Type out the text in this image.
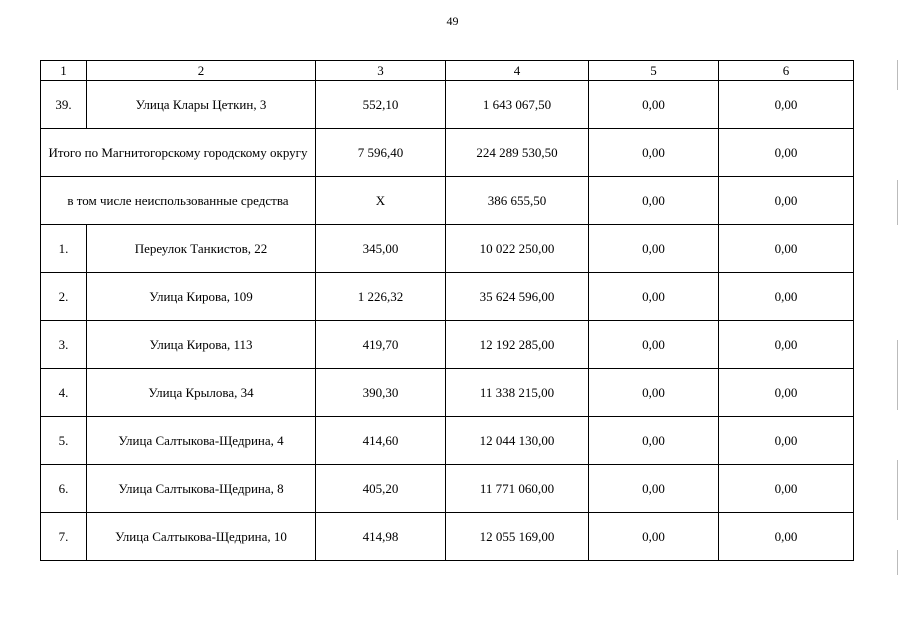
49
1	2	3	4	5	6
39.	Улица Клары Цеткин, 3	552,10	1 643 067,50	0,00	0,00
Итого по Магнитогорскому городскому округу		7 596,40	224 289 530,50	0,00	0,00
в том числе неиспользованные средства		Х	386 655,50	0,00	0,00
1.	Переулок Танкистов, 22	345,00	10 022 250,00	0,00	0,00
2.	Улица Кирова, 109	1 226,32	35 624 596,00	0,00	0,00
3.	Улица Кирова, 113	419,70	12 192 285,00	0,00	0,00
4.	Улица Крылова, 34	390,30	11 338 215,00	0,00	0,00
5.	Улица Салтыкова-Щедрина, 4	414,60	12 044 130,00	0,00	0,00
6.	Улица Салтыкова-Щедрина, 8	405,20	11 771 060,00	0,00	0,00
7.	Улица Салтыкова-Щедрина, 10	414,98	12 055 169,00	0,00	0,00
